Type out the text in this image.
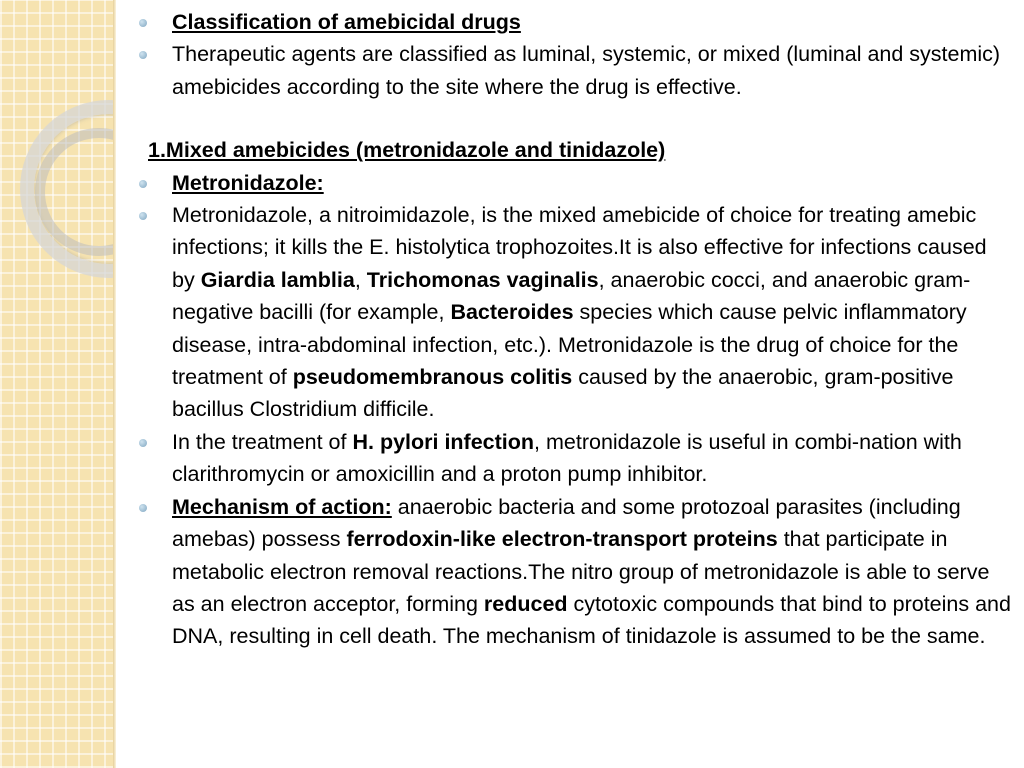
Classification of amebicidal drugs
Therapeutic agents are classified as luminal, systemic, or mixed (luminal and systemic) amebicides according to the site where the drug is effective.
1.Mixed amebicides (metronidazole and tinidazole)
Metronidazole:
Metronidazole, a nitroimidazole, is the mixed amebicide of choice for treating amebic infections; it kills the E. histolytica trophozoites.It is also effective for infections caused by Giardia lamblia, Trichomonas vaginalis, anaerobic cocci, and anaerobic gram-negative bacilli (for example, Bacteroides species which cause pelvic inflammatory disease, intra-abdominal infection, etc.). Metronidazole is the drug of choice for the treatment of pseudomembranous colitis caused by the anaerobic, gram-positive bacillus Clostridium difficile.
In the treatment of H. pylori infection, metronidazole is useful in combi-nation with clarithromycin or amoxicillin and a proton pump inhibitor.
Mechanism of action: anaerobic bacteria and some protozoal parasites (including amebas) possess ferrodoxin-like electron-transport proteins that participate in metabolic electron removal reactions.The nitro group of metronidazole is able to serve as an electron acceptor, forming reduced cytotoxic compounds that bind to proteins and DNA, resulting in cell death. The mechanism of tinidazole is assumed to be the same.
